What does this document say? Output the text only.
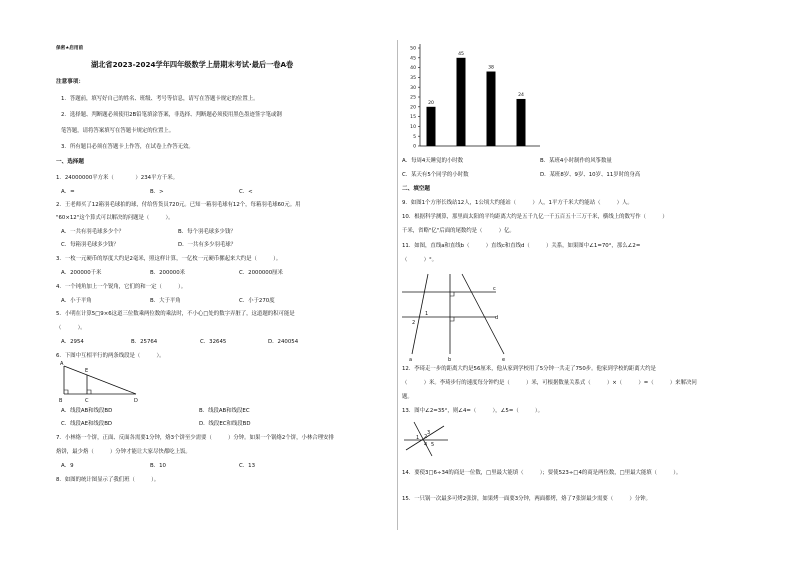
保密★启用前
湖北省2023-2024学年四年级数学上册期末考试·最后一卷A卷
注意事项：
1．答题前，填写好自己的姓名、班级、考号等信息，请写在答题卡规定的位置上。
2．选择题、判断题必须使用2B铅笔填涂答案，非选择、判断题必须使用黑色墨迹签字笔或钢
笔答题，请将答案填写在答题卡规定的位置上。
3．所有题目必须在答题卡上作答，在试卷上作答无效。
一、选择题
1．24000000平方米（　　　　）234平方千米。
A．=	B．>	C．<
2．王老师买了12箱羽毛球拍的球，付给售货员720元。已知一箱羽毛球有12个，每箱羽毛球60元。用
"60×12"这个算式可以解决的问题是（　　　）。
A．一共有羽毛球多少个？	B．每个羽毛球多少钱？
C．每箱羽毛球多少钱？	D．一共有多少羽毛球？
3．一枚一元硬币的厚度大约是2毫米，照这样计算，一亿枚一元硬币摞起来大约是（　　　）。
A．200000千米	B．200000米	C．2000000厘米
4．一个钝角加上一个锐角，它们的和一定（　　　）。
A．小于平角	B．大于平角	C．小于270度
5．小明在计算5□9×6这道三位数乘两位数的乘法时，不小心□处的数字弄脏了，这道题的积可能是
（　　　）。
A．2954	B．25764	C．32645	D．240054
6．下图中互相平行的两条线段是（　　　）。
A
E
B	C	D
A．线段AB和线段BD	B．线段AB和线段EC
C．线段AE和线段BD	D．线段EC和线段BD
7．小林烙一个饼，正面、反面各需要1分钟，烙3个饼至少需要（　　　）分钟。如果一个锅烙2个饼，小林合理安排
烙饼，最少烙（　　　）分钟才能让大家尽快都吃上饭。
A．9	B．10	C．13
8．如图的统计图显示了我们班（　　　）。
0
5
10
15
20
25
30
35
40
45
50
20
45
38
24
A．每周4天睡觉的小时数	B．某班4小时制作的风筝数量
C．某天有5个同学的小时数	D．某班8岁、9岁、10岁、11岁时的身高
二、填空题
9．如图1个方形长线站12人，1公顷大约能站（　　　）人，1平方千米大约能站（　　　）人。
10．根据科学测算，那里面太阳的平均距离大约是五千九亿一千五百五十三万千米，横线上的数写作（　　　）
千米，省略"亿"后面的尾数约是（　　　）亿。
11．如图，直线a和直线b（　　　）直线c和直线d（　　　）关系，如果图中∠1=70°，那么∠2=
（　　　）°。
c
d
1
2
a	b	e
12．李琦走一步的距离大约是56厘米，他从家到学校用了5分钟一共走了750步。他家到学校的距离大约是
（　　　）米。李琦步行的速度每分钟约是（　　　）米，可根据数量关系式（　　　）×（　　　）=（　　　）来解决问
题。
13．图中∠2=35°，则∠4=（　　　），∠5=（　　　）。
1 2
3
4 5
14．要使3□6÷34的商是一位数，□里最大能填（　　　）；要使523÷□4的商是两位数，□里最大能填（　　　）。
15．一只锅一次最多可烤2张饼，如果烤一面要3分钟，两面都烤，烙了7张饼最少需要（　　　）分钟。
